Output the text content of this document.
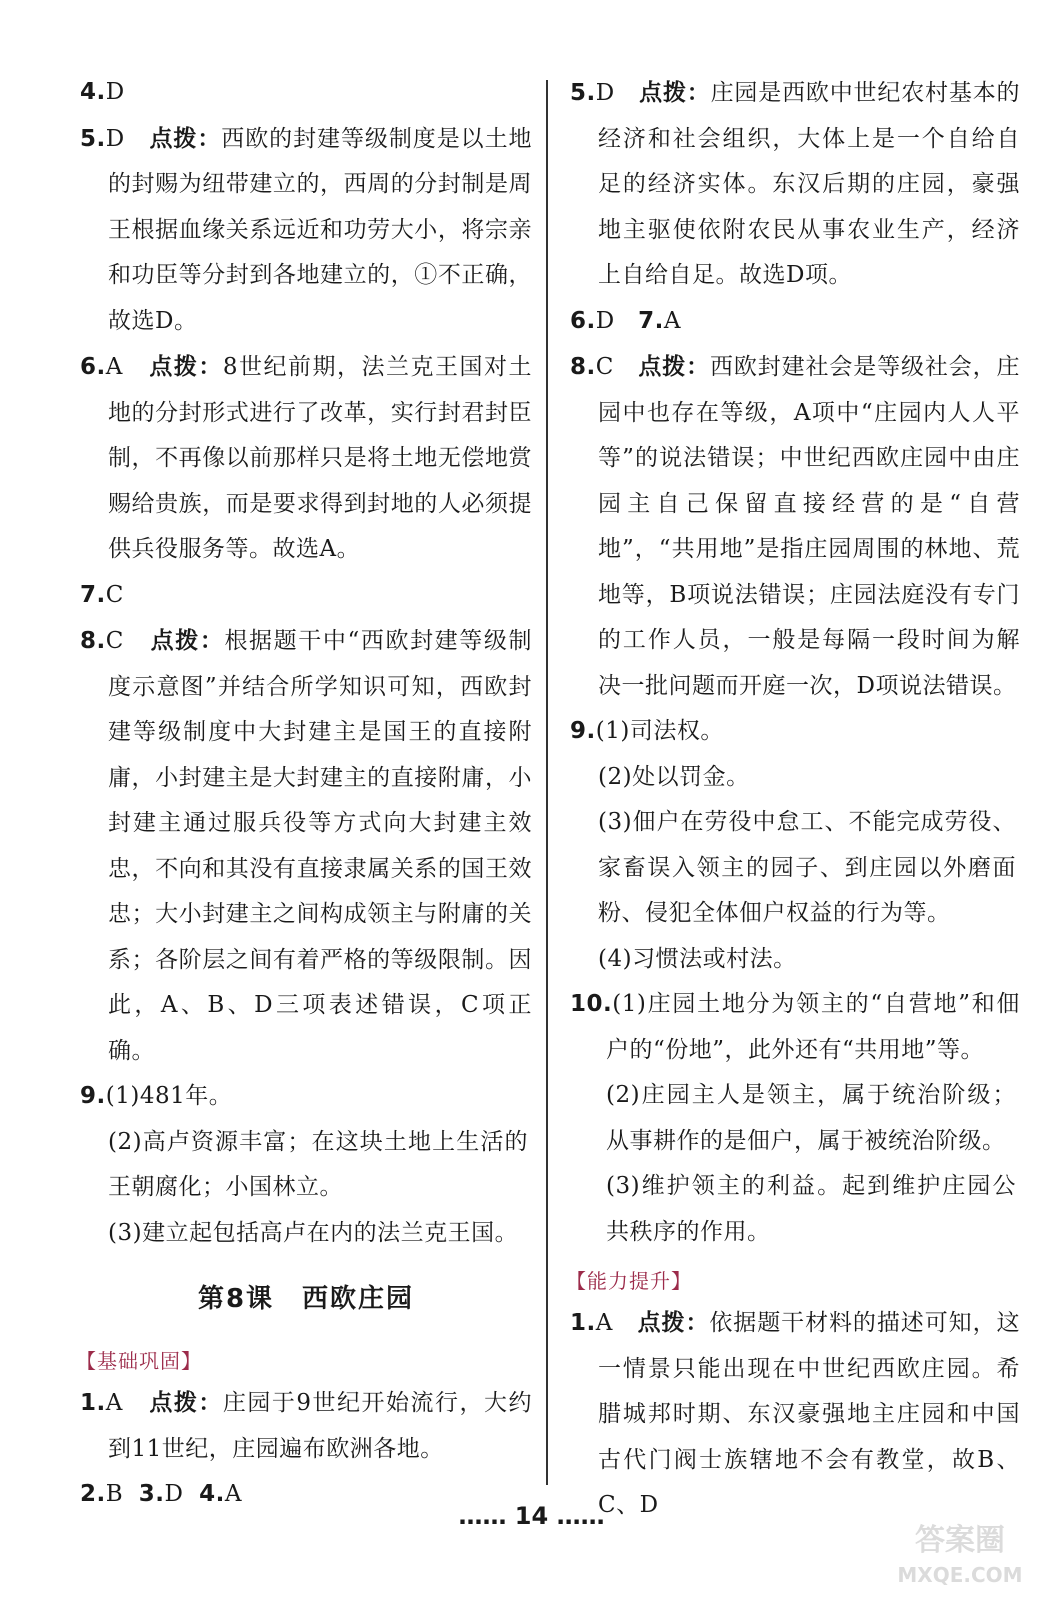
4.D

5.D 点拨：西欧的封建等级制度是以土地的封赐为纽带建立的，西周的分封制是周王根据血缘关系远近和功劳大小，将宗亲和功臣等分封到各地建立的，①不正确，故选D。

6.A 点拨：8世纪前期，法兰克王国对土地的分封形式进行了改革，实行封君封臣制，不再像以前那样只是将土地无偿地赏赐给贵族，而是要求得到封地的人必须提供兵役服务等。故选A。

7.C

8.C 点拨：根据题干中“西欧封建等级制度示意图”并结合所学知识可知，西欧封建等级制度中大封建主是国王的直接附庸，小封建主是大封建主的直接附庸，小封建主通过服兵役等方式向大封建主效忠，不向和其没有直接隶属关系的国王效忠；大小封建主之间构成领主与附庸的关系；各阶层之间有着严格的等级限制。因此，A、B、D三项表述错误，C项正确。

9.(1)481年。

(2)高卢资源丰富；在这块土地上生活的王朝腐化；小国林立。

(3)建立起包括高卢在内的法兰克王国。

第8课　西欧庄园
【基础巩固】

1.A 点拨：庄园于9世纪开始流行，大约到11世纪，庄园遍布欧洲各地。

2.B 3.D 4.A

5.D 点拨：庄园是西欧中世纪农村基本的经济和社会组织，大体上是一个自给自足的经济实体。东汉后期的庄园，豪强地主驱使依附农民从事农业生产，经济上自给自足。故选D项。

6.D 7.A

8.C 点拨：西欧封建社会是等级社会，庄园中也存在等级，A项中“庄园内人人平等”的说法错误；中世纪西欧庄园中由庄园主自己保留直接经营的是“自营地”，“共用地”是指庄园周围的林地、荒地等，B项说法错误；庄园法庭没有专门的工作人员，一般是每隔一段时间为解决一批问题而开庭一次，D项说法错误。

9.(1)司法权。

(2)处以罚金。

(3)佃户在劳役中怠工、不能完成劳役、家畜误入领主的园子、到庄园以外磨面粉、侵犯全体佃户权益的行为等。

(4)习惯法或村法。

10.(1)庄园土地分为领主的“自营地”和佃户的“份地”，此外还有“共用地”等。

(2)庄园主人是领主，属于统治阶级；从事耕作的是佃户，属于被统治阶级。

(3)维护领主的利益。起到维护庄园公共秩序的作用。

【能力提升】

1.A 点拨：依据题干材料的描述可知，这一情景只能出现在中世纪西欧庄园。希腊城邦时期、东汉豪强地主庄园和中国古代门阀士族辖地不会有教堂，故B、C、D

…… 14 ……
答案圈
MXQE.COM
